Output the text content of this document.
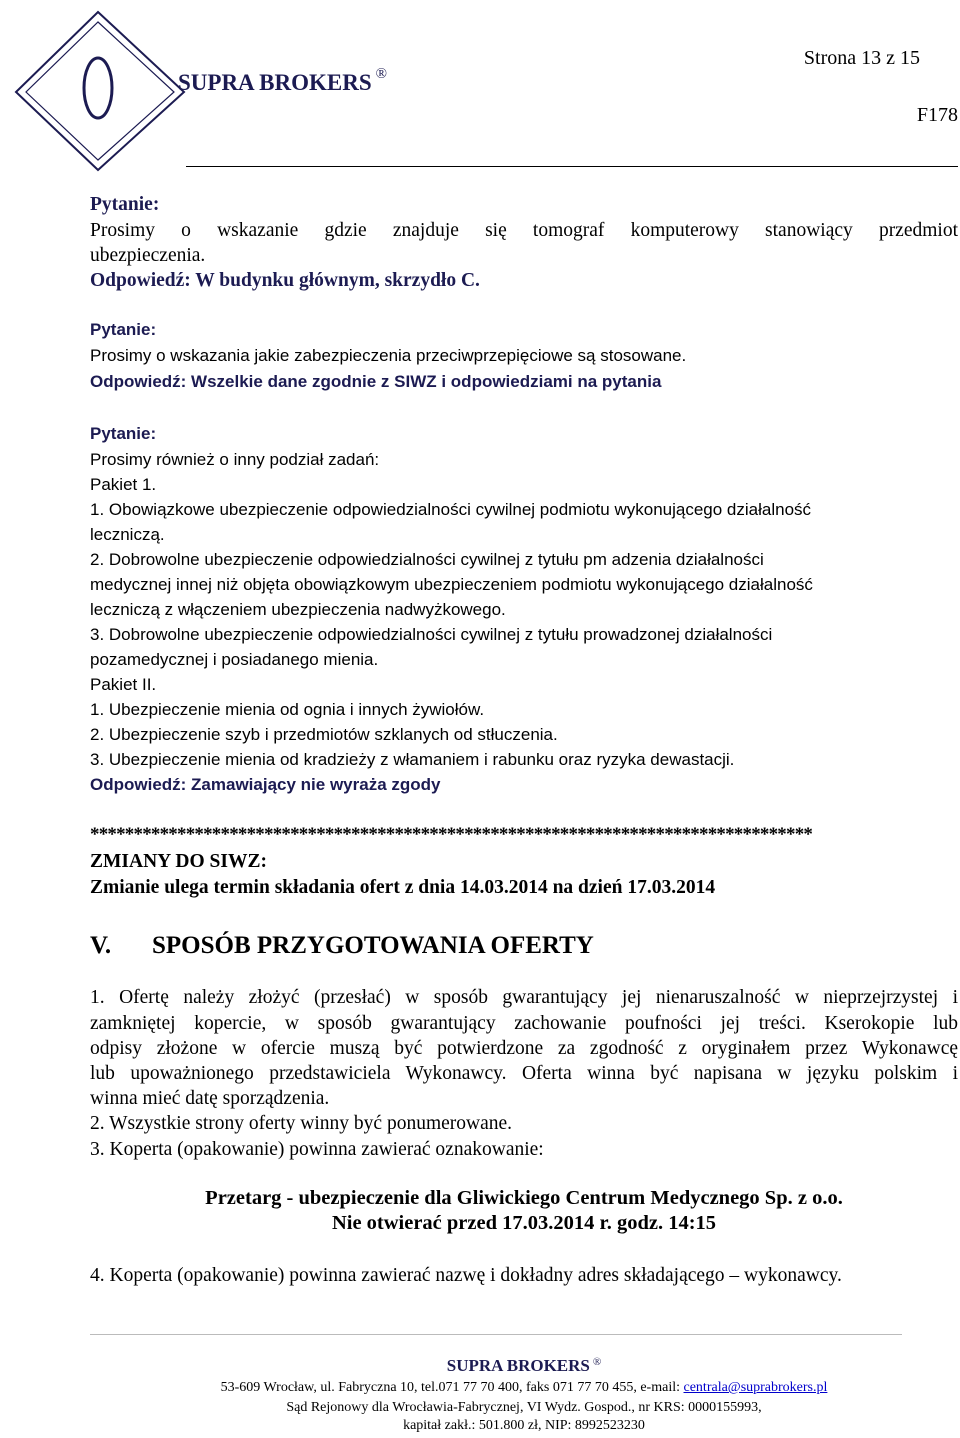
SUPRA BROKERS ®
Strona 13 z 15
F178
Pytanie:
Prosimy o wskazanie gdzie znajduje się tomograf komputerowy stanowiący przedmiot
ubezpieczenia.
Odpowiedź: W budynku głównym, skrzydło C.
Pytanie:
Prosimy o wskazania jakie zabezpieczenia przeciwprzepięciowe są stosowane.
Odpowiedź: Wszelkie dane zgodnie z SIWZ i odpowiedziami na pytania
Pytanie:
Prosimy również o inny podział zadań:
Pakiet 1.
1. Obowiązkowe ubezpieczenie odpowiedzialności cywilnej podmiotu wykonującego działalność
leczniczą.
2. Dobrowolne ubezpieczenie odpowiedzialności cywilnej z tytułu pm adzenia działalności
medycznej innej niż objęta obowiązkowym ubezpieczeniem podmiotu wykonującego działalność
leczniczą z włączeniem ubezpieczenia nadwyżkowego.
3. Dobrowolne ubezpieczenie odpowiedzialności cywilnej z tytułu prowadzonej działalności
pozamedycznej i posiadanego mienia.
Pakiet II.
1. Ubezpieczenie mienia od ognia i innych żywiołów.
2. Ubezpieczenie szyb i przedmiotów szklanych od stłuczenia.
3. Ubezpieczenie mienia od kradzieży z włamaniem i rabunku oraz ryzyka dewastacji.
Odpowiedź: Zamawiający nie wyraża zgody
***********************************************************************************
ZMIANY DO SIWZ:
Zmianie ulega termin składania ofert z dnia 14.03.2014 na dzień 17.03.2014
V. SPOSÓB PRZYGOTOWANIA OFERTY
1. Ofertę należy złożyć (przesłać) w sposób gwarantujący jej nienaruszalność w nieprzejrzystej i
zamkniętej kopercie, w sposób gwarantujący zachowanie poufności jej treści. Kserokopie lub
odpisy złożone w ofercie muszą być potwierdzone za zgodność z oryginałem przez Wykonawcę
lub upoważnionego przedstawiciela Wykonawcy. Oferta winna być napisana w języku polskim i
winna mieć datę sporządzenia.
2. Wszystkie strony oferty winny być ponumerowane.
3. Koperta (opakowanie) powinna zawierać oznakowanie:
Przetarg - ubezpieczenie dla Gliwickiego Centrum Medycznego Sp. z o.o.
Nie otwierać przed 17.03.2014 r. godz. 14:15
4. Koperta (opakowanie) powinna zawierać nazwę i dokładny adres składającego – wykonawcy.
SUPRA BROKERS ®
53-609 Wrocław, ul. Fabryczna 10, tel.071 77 70 400, faks 071 77 70 455, e-mail: centrala@suprabrokers.pl
Sąd Rejonowy dla Wrocławia-Fabrycznej, VI Wydz. Gospod., nr KRS: 0000155993,
kapitał zakł.: 501.800 zł, NIP: 8992523230
